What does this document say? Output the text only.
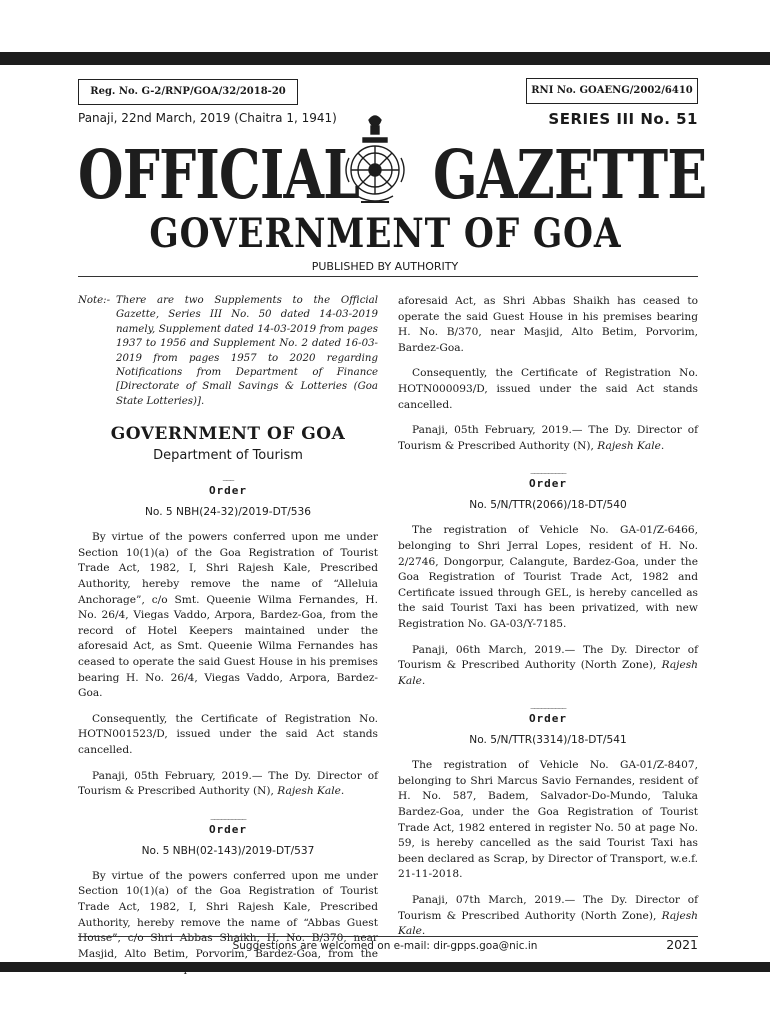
Reg. No. G-2/RNP/GOA/32/2018-20	RNI No. GOAENG/2002/6410
Panaji, 22nd March, 2019 (Chaitra 1, 1941)	SERIES III No. 51
OFFICIAL GAZETTE
GOVERNMENT OF GOA
PUBLISHED BY AUTHORITY
Note:- There are two Supplements to the Official Gazette, Series III No. 50 dated 14-03-2019 namely, Supplement dated 14-03-2019 from pages 1937 to 1956 and Supplement No. 2 dated 16-03-2019 from pages 1957 to 2020 regarding Notifications from Department of Finance [Directorate of Small Savings & Lotteries (Goa State Lotteries)].
GOVERNMENT OF GOA
Department of Tourism
___
Order
No. 5 NBH(24-32)/2019-DT/536

By virtue of the powers conferred upon me under Section 10(1)(a) of the Goa Registration of Tourist Trade Act, 1982, I, Shri Rajesh Kale, Prescribed Authority, hereby remove the name of “Alleluia Anchorage”, c/o Smt. Queenie Wilma Fernandes, H. No. 26/4, Viegas Vaddo, Arpora, Bardez-Goa, from the record of Hotel Keepers maintained under the aforesaid Act, as Smt. Queenie Wilma Fernandes has ceased to operate the said Guest House in his premises bearing H. No. 26/4, Viegas Vaddo, Arpora, Bardez-Goa.

Consequently, the Certificate of Registration No. HOTN001523/D, issued under the said Act stands cancelled.

Panaji, 05th February, 2019.— The Dy. Director of Tourism & Prescribed Authority (N), Rajesh Kale.

__________
Order
No. 5 NBH(02-143)/2019-DT/537

By virtue of the powers conferred upon me under Section 10(1)(a) of the Goa Registration of Tourist Trade Act, 1982, I, Shri Rajesh Kale, Prescribed Authority, hereby remove the name of “Abbas Guest House”, c/o Shri Abbas Shaikh, H. No. B/370, near Masjid, Alto Betim, Porvorim, Bardez-Goa, from the

aforesaid Act, as Shri Abbas Shaikh has ceased to operate the said Guest House in his premises bearing H. No. B/370, near Masjid, Alto Betim, Porvorim, Bardez-Goa.

Consequently, the Certificate of Registration No. HOTN000093/D, issued under the said Act stands cancelled.

Panaji, 05th February, 2019.— The Dy. Director of Tourism & Prescribed Authority (N), Rajesh Kale.

__________
Order
No. 5/N/TTR(2066)/18-DT/540

The registration of Vehicle No. GA-01/Z-6466, belonging to Shri Jerral Lopes, resident of H. No. 2/2746, Dongorpur, Calangute, Bardez-Goa, under the Goa Registration of Tourist Trade Act, 1982 and Certificate issued through GEL, is hereby cancelled as the said Tourist Taxi has been privatized, with new Registration No. GA-03/Y-7185.

Panaji, 06th March, 2019.— The Dy. Director of Tourism & Prescribed Authority (North Zone), Rajesh Kale.

__________
Order
No. 5/N/TTR(3314)/18-DT/541

The registration of Vehicle No. GA-01/Z-8407, belonging to Shri Marcus Savio Fernandes, resident of H. No. 587, Badem, Salvador-Do-Mundo, Taluka Bardez-Goa, under the Goa Registration of Tourist Trade Act, 1982 entered in register No. 50 at page No. 59, is hereby cancelled as the said Tourist Taxi has been declared as Scrap, by Director of Transport, w.e.f. 21-11-2018.

Panaji, 07th March, 2019.— The Dy. Director of Tourism & Prescribed Authority (North Zone), Rajesh Kale.

Suggestions are welcomed on e-mail: dir-gpps.goa@nic.in	2021
